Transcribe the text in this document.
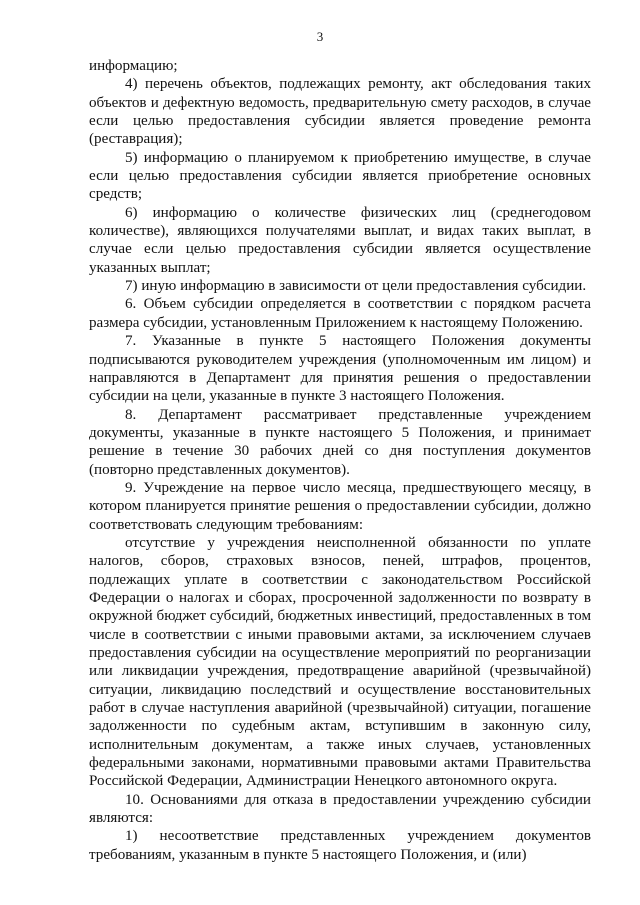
3

информацию;

4) перечень объектов, подлежащих ремонту, акт обследования таких объектов и дефектную ведомость, предварительную смету расходов, в случае если целью предоставления субсидии является проведение ремонта (реставрация);

5) информацию о планируемом к приобретению имуществе, в случае если целью предоставления субсидии является приобретение основных средств;

6) информацию о количестве физических лиц (среднегодовом количестве), являющихся получателями выплат, и видах таких выплат, в случае если целью предоставления субсидии является осуществление указанных выплат;

7) иную информацию в зависимости от цели предоставления субсидии.

6. Объем субсидии определяется в соответствии с порядком расчета размера субсидии, установленным Приложением к настоящему Положению.

7. Указанные в пункте 5 настоящего Положения документы подписываются руководителем учреждения (уполномоченным им лицом) и направляются в Департамент для принятия решения о предоставлении субсидии на цели, указанные в пункте 3 настоящего Положения.

8. Департамент рассматривает представленные учреждением документы, указанные в пункте настоящего 5 Положения, и принимает решение в течение 30 рабочих дней со дня поступления документов (повторно представленных документов).

9. Учреждение на первое число месяца, предшествующего месяцу, в котором планируется принятие решения о предоставлении субсидии, должно соответствовать следующим требованиям:

отсутствие у учреждения неисполненной обязанности по уплате налогов, сборов, страховых взносов, пеней, штрафов, процентов, подлежащих уплате в соответствии с законодательством Российской Федерации о налогах и сборах, просроченной задолженности по возврату в окружной бюджет субсидий, бюджетных инвестиций, предоставленных в том числе в соответствии с иными правовыми актами, за исключением случаев предоставления субсидии на осуществление мероприятий по реорганизации или ликвидации учреждения, предотвращение аварийной (чрезвычайной) ситуации, ликвидацию последствий и осуществление восстановительных работ в случае наступления аварийной (чрезвычайной) ситуации, погашение задолженности по судебным актам, вступившим в законную силу, исполнительным документам, а также иных случаев, установленных федеральными законами, нормативными правовыми актами Правительства Российской Федерации, Администрации Ненецкого автономного округа.

10. Основаниями для отказа в предоставлении учреждению субсидии являются:

1) несоответствие представленных учреждением документов требованиям, указанным в пункте 5 настоящего Положения, и (или)
